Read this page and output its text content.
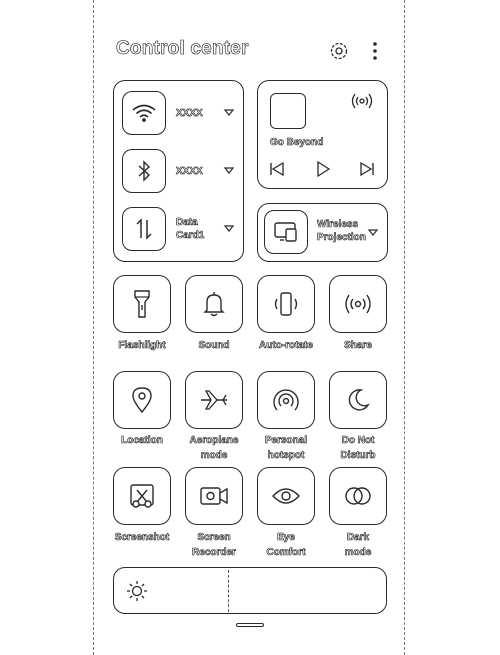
Control center
XXXX
XXXX
Data
Card1
Go Beyond
Wireless
Projection
Flashlight	Sound	Auto-rotate	Share
Location	Aeroplane
mode
Personal
hotspot
Do Not
Disturb
Screenshot	Screen
Recorder
Eye
Comfort
Dark
mode
